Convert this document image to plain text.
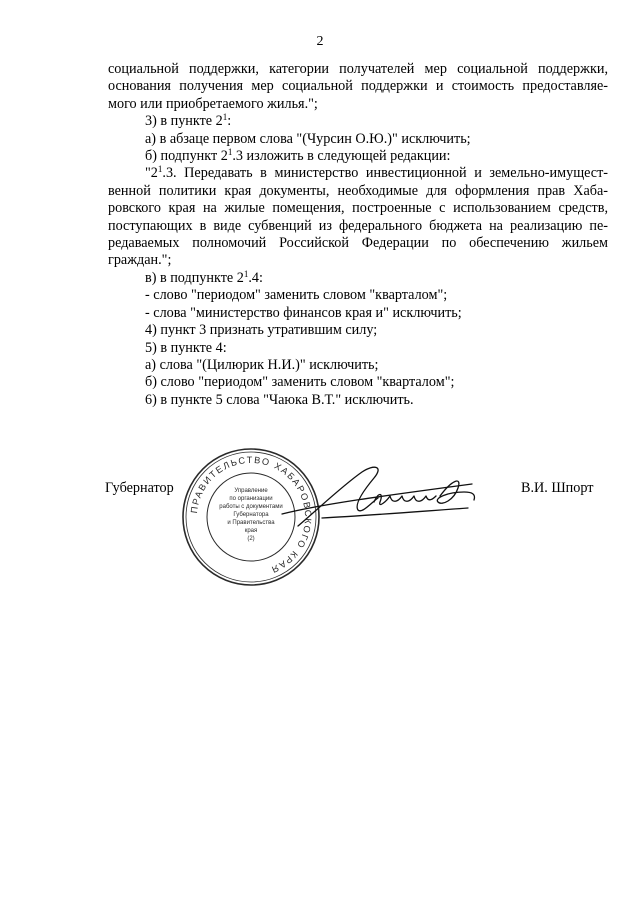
2
социальной поддержки, категории получателей мер социальной поддержки,
основания получения мер социальной поддержки и стоимость предоставляе-
мого или приобретаемого жилья.";
3) в пункте $2^1$:
а) в абзаце первом слова "(Чурсин О.Ю.)" исключить;
б) подпункт $2^1.3$ изложить в следующей редакции:
"$2^1.3$. Передавать в министерство инвестиционной и земельно-имущест-
венной политики края документы, необходимые для оформления прав Хаба-
ровского края на жилые помещения, построенные с использованием средств,
поступающих в виде субвенций из федерального бюджета на реализацию пе-
редаваемых полномочий Российской Федерации по обеспечению жильем
граждан.";
в) в подпункте $2^1.4$:
- слово "периодом" заменить словом "кварталом";
- слова "министерство финансов края и" исключить;
4) пункт 3 признать утратившим силу;
5) в пункте 4:
а) слова "(Цилюрик Н.И.)" исключить;
б) слово "периодом" заменить словом "кварталом";
6) в пункте 5 слова "Чаюка В.Т." исключить.
Губернатор	В.И. Шпорт
ПРАВИТЕЛЬСТВО ХАБАРОВСКОГО КРАЯ
Управление
по организации
работы с документами
Губернатора
и Правительства
края
(2)
